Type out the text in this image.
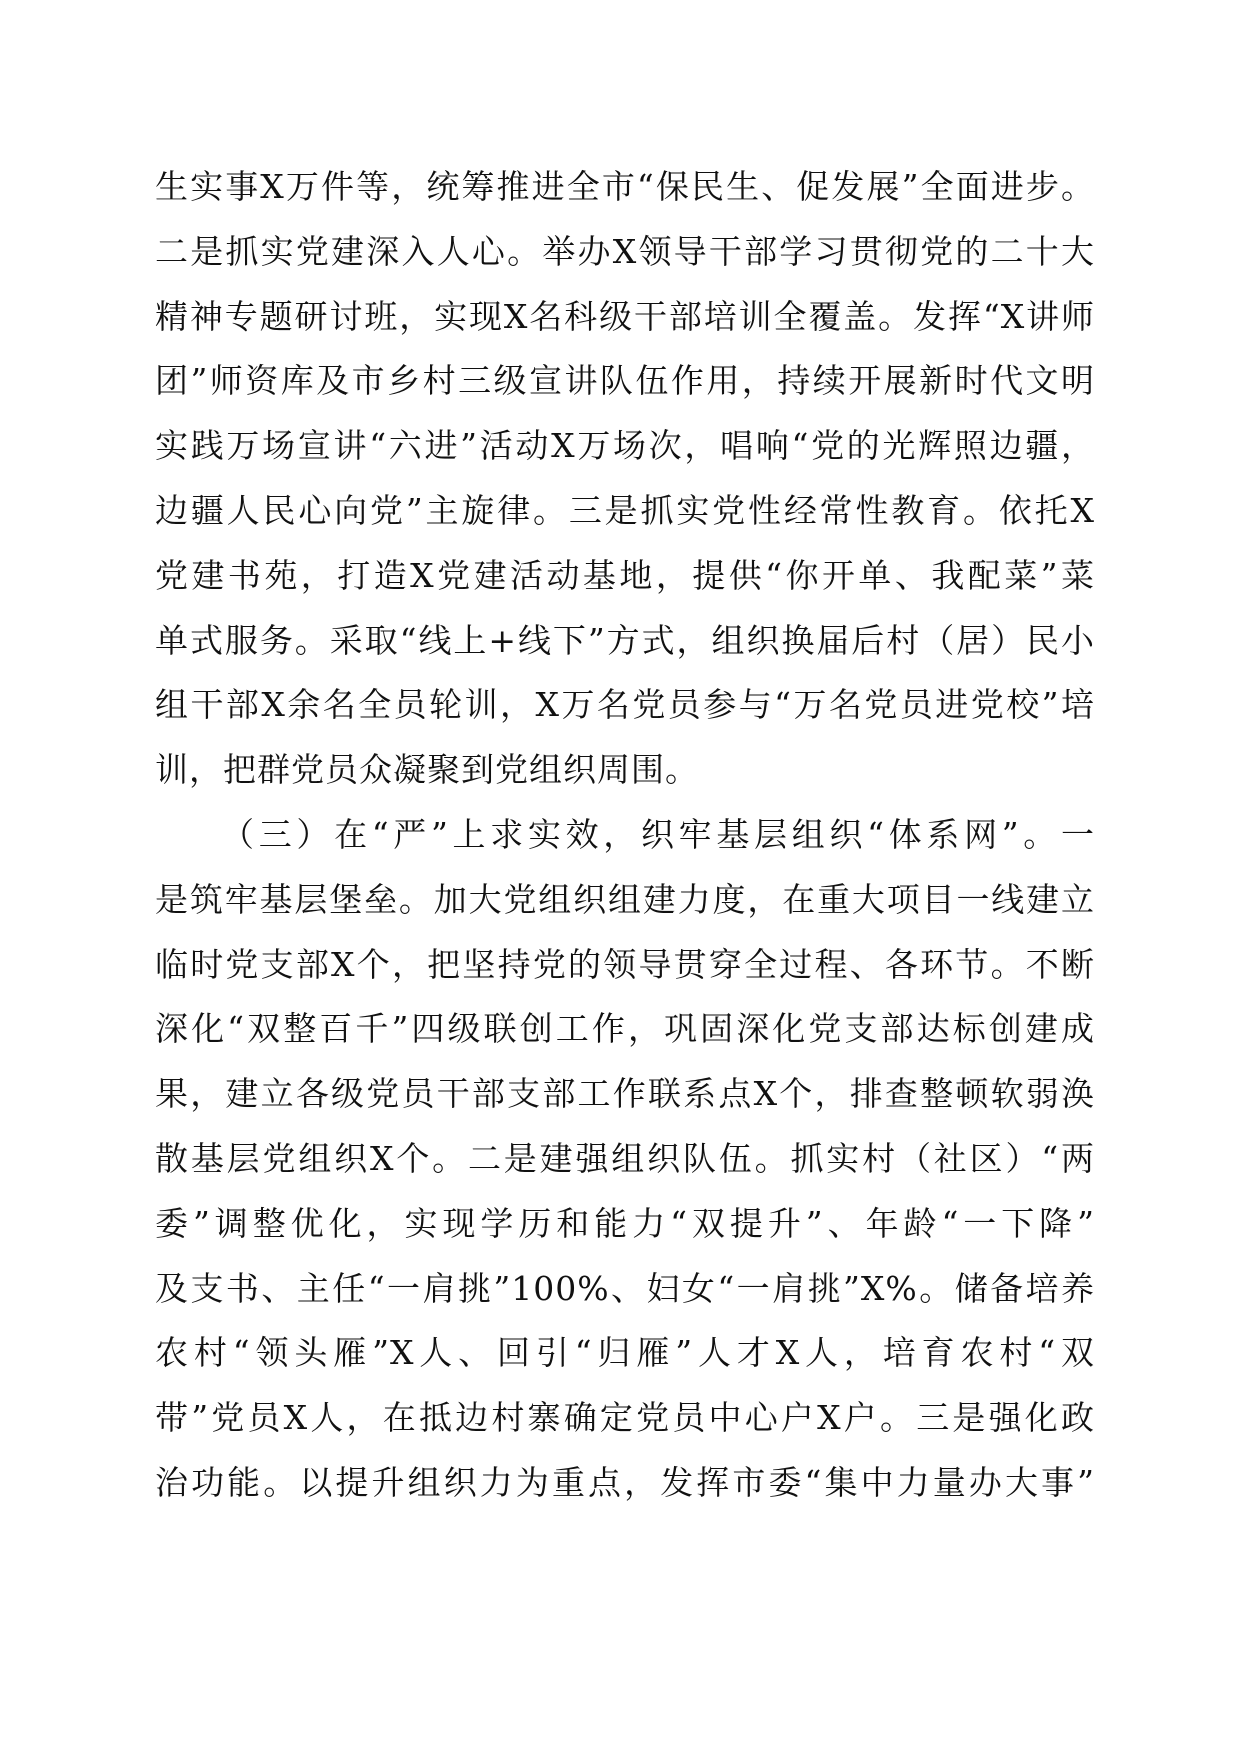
生实事X万件等，统筹推进全市“保民生、促发展”全面进步。
二是抓实党建深入人心。举办X领导干部学习贯彻党的二十大
精神专题研讨班，实现X名科级干部培训全覆盖。发挥“X讲师
团”师资库及市乡村三级宣讲队伍作用，持续开展新时代文明
实践万场宣讲“六进”活动X万场次，唱响“党的光辉照边疆，
边疆人民心向党”主旋律。三是抓实党性经常性教育。依托X
党建书苑，打造X党建活动基地，提供“你开单、我配菜”菜
单式服务。采取“线上+线下”方式，组织换届后村（居）民小
组干部X余名全员轮训，X万名党员参与“万名党员进党校”培
训，把群党员众凝聚到党组织周围。
（三）在“严”上求实效，织牢基层组织“体系网”。一
是筑牢基层堡垒。加大党组织组建力度，在重大项目一线建立
临时党支部X个，把坚持党的领导贯穿全过程、各环节。不断
深化“双整百千”四级联创工作，巩固深化党支部达标创建成
果，建立各级党员干部支部工作联系点X个，排查整顿软弱涣
散基层党组织X个。二是建强组织队伍。抓实村（社区）“两
委”调整优化，实现学历和能力“双提升”、年龄“一下降”
及支书、主任“一肩挑”100%、妇女“一肩挑”X%。储备培养
农村“领头雁”X人、回引“归雁”人才X人，培育农村“双
带”党员X人，在抵边村寨确定党员中心户X户。三是强化政
治功能。以提升组织力为重点，发挥市委“集中力量办大事”
